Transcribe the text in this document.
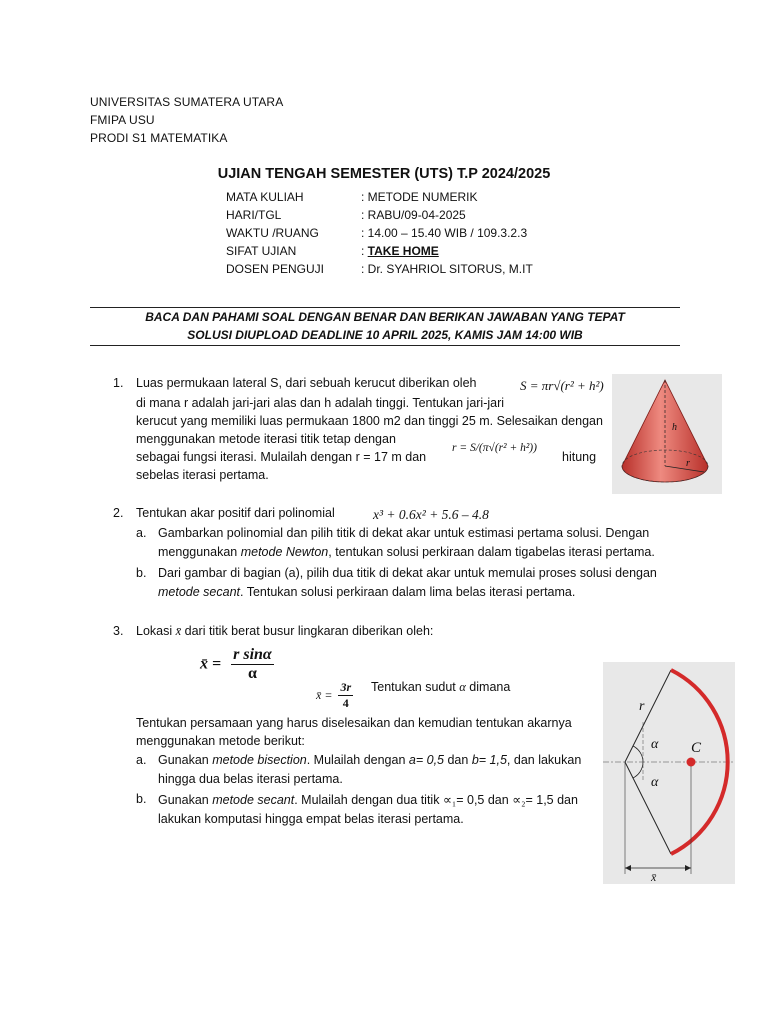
UNIVERSITAS SUMATERA UTARA
FMIPA USU
PRODI S1 MATEMATIKA
UJIAN TENGAH SEMESTER (UTS) T.P 2024/2025
MATA KULIAH	: METODE NUMERIK
HARI/TGL	: RABU/09-04-2025
WAKTU /RUANG	: 14.00 – 15.40 WIB / 109.3.2.3
SIFAT UJIAN	: TAKE HOME
DOSEN PENGUJI	: Dr. SYAHRIOL SITORUS, M.IT
BACA DAN PAHAMI SOAL DENGAN BENAR DAN BERIKAN JAWABAN YANG TEPAT
SOLUSI DIUPLOAD DEADLINE 10 APRIL 2025, KAMIS JAM 14:00 WIB
1. Luas permukaan lateral S, dari sebuah kerucut diberikan oleh	S = πr√(r² + h²)
di mana r adalah jari-jari alas dan h adalah tinggi. Tentukan jari-jari
kerucut yang memiliki luas permukaan 1800 m2 dan tinggi 25 m. Selesaikan dengan
menggunakan metode iterasi titik tetap dengan
r = S/(π√(r² + h²))
sebagai fungsi iterasi. Mulailah dengan r = 17 m dan	hitung
sebelas iterasi pertama.
h
r
2. Tentukan akar positif dari polinomial	x³ + 0.6x² + 5.6 – 4.8
a. Gambarkan polinomial dan pilih titik di dekat akar untuk estimasi pertama solusi. Dengan
menggunakan metode Newton, tentukan solusi perkiraan dalam tigabelas iterasi pertama.
b. Dari gambar di bagian (a), pilih dua titik di dekat akar untuk memulai proses solusi dengan
metode secant. Tentukan solusi perkiraan dalam lima belas iterasi pertama.
3. Lokasi x̄ dari titik berat busur lingkaran diberikan oleh:
x̄ = $\frac{\text{r sinα}}{\alpha}$
x̄ = $\frac{3r}{4}$ Tentukan sudut α dimana
Tentukan persamaan yang harus diselesaikan dan kemudian tentukan akarnya
menggunakan metode berikut:
a. Gunakan metode bisection. Mulailah dengan a= 0,5 dan b= 1,5, dan lakukan
hingga dua belas iterasi pertama.
b. Gunakan metode secant. Mulailah dengan dua titik ∝₁= 0,5 dan ∝₂= 1,5 dan
lakukan komputasi hingga empat belas iterasi pertama.
r
α
α
C
x̄
